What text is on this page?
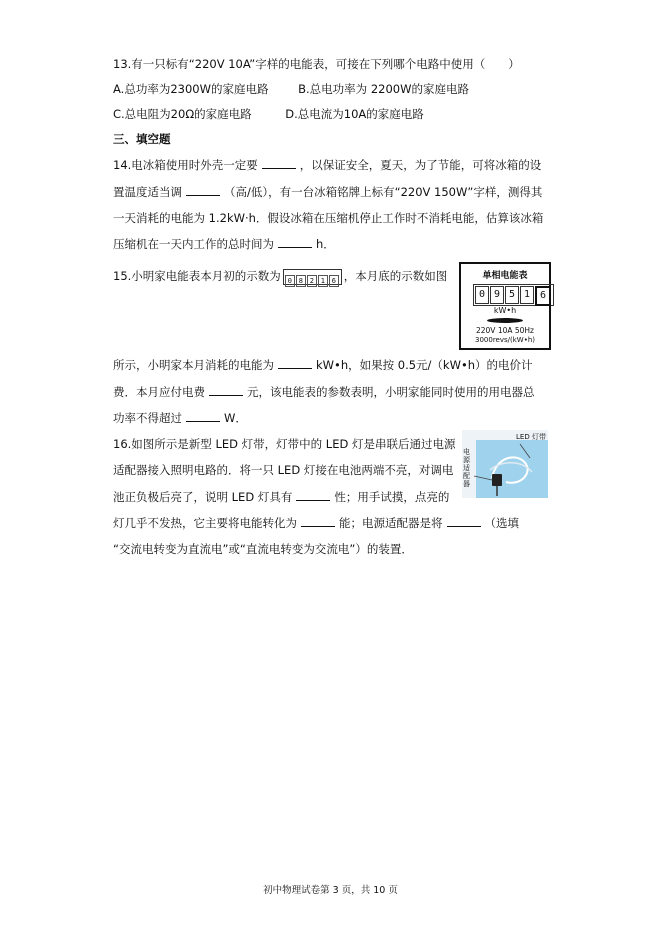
13.有一只标有“220V 10A”字样的电能表，可接在下列哪个电路中使用（　　）
A.总功率为2300W的家庭电路	B.总电功率为 2200W的家庭电路
C.总电阻为20Ω的家庭电路	D.总电流为10A的家庭电路
三、填空题
14.电冰箱使用时外壳一定要	，以保证安全，夏天，为了节能，可将冰箱的设
置温度适当调	（高/低），有一台冰箱铭牌上标有“220V 150W”字样，测得其
一天消耗的电能为 1.2kW·h．假设冰箱在压缩机停止工作时不消耗电能，估算该冰箱
压缩机在一天内工作的总时间为	h．
15.小明家电能表本月初的示数为 0 8 2 1 6 ，本月底的示数如图	单相电能表
0 9 5 1 6
kW•h
220V 10A 50Hz
3000revs/(kW•h)
所示，小明家本月消耗的电能为	kW•h，如果按 0.5元/（kW•h）的电价计
费．本月应付电费	元，该电能表的参数表明，小明家能同时使用的用电器总
功率不得超过	W．
16.如图所示是新型 LED 灯带，灯带中的 LED 灯是串联后通过电源
适配器接入照明电路的．将一只 LED 灯接在电池两端不亮，对调电
池正负极后亮了，说明 LED 灯具有	性；用手试摸，点亮的
灯几乎不发热，它主要将电能转化为	能；电源适配器是将	（选填
“交流电转变为直流电”或“直流电转变为交流电”）的装置．
LED 灯带
电源适配器
初中物理试卷第 3 页，共 10 页
